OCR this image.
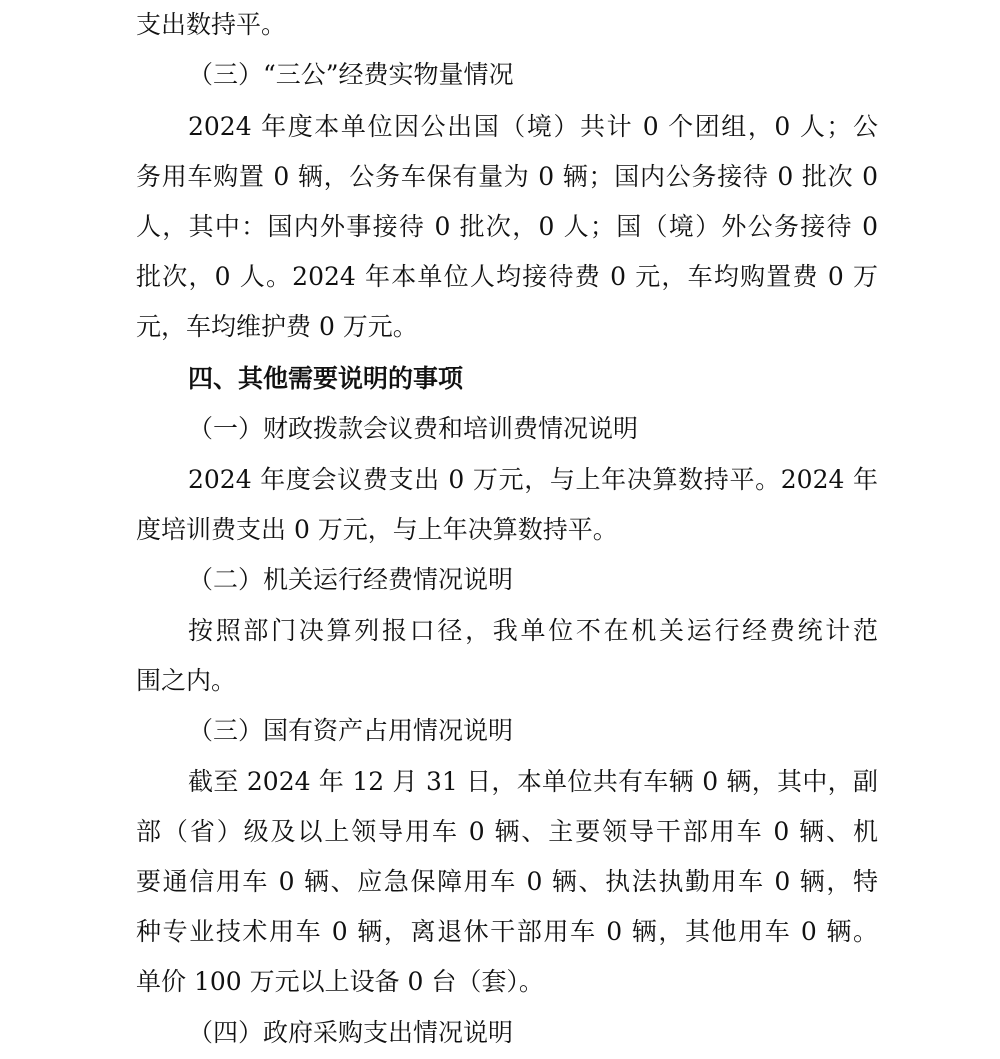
支出数持平。
（三）“三公”经费实物量情况
2024 年度本单位因公出国（境）共计 0 个团组，0 人；公
务用车购置 0 辆，公务车保有量为 0 辆；国内公务接待 0 批次 0
人，其中：国内外事接待 0 批次，0 人；国（境）外公务接待 0
批次，0 人。2024 年本单位人均接待费 0 元，车均购置费 0 万
元，车均维护费 0 万元。
四、其他需要说明的事项
（一）财政拨款会议费和培训费情况说明
2024 年度会议费支出 0 万元，与上年决算数持平。2024 年
度培训费支出 0 万元，与上年决算数持平。
（二）机关运行经费情况说明
按照部门决算列报口径，我单位不在机关运行经费统计范
围之内。
（三）国有资产占用情况说明
截至 2024 年 12 月 31 日，本单位共有车辆 0 辆，其中，副
部（省）级及以上领导用车 0 辆、主要领导干部用车 0 辆、机
要通信用车 0 辆、应急保障用车 0 辆、执法执勤用车 0 辆，特
种专业技术用车 0 辆，离退休干部用车 0 辆，其他用车 0 辆。
单价 100 万元以上设备 0 台（套）。
（四）政府采购支出情况说明
